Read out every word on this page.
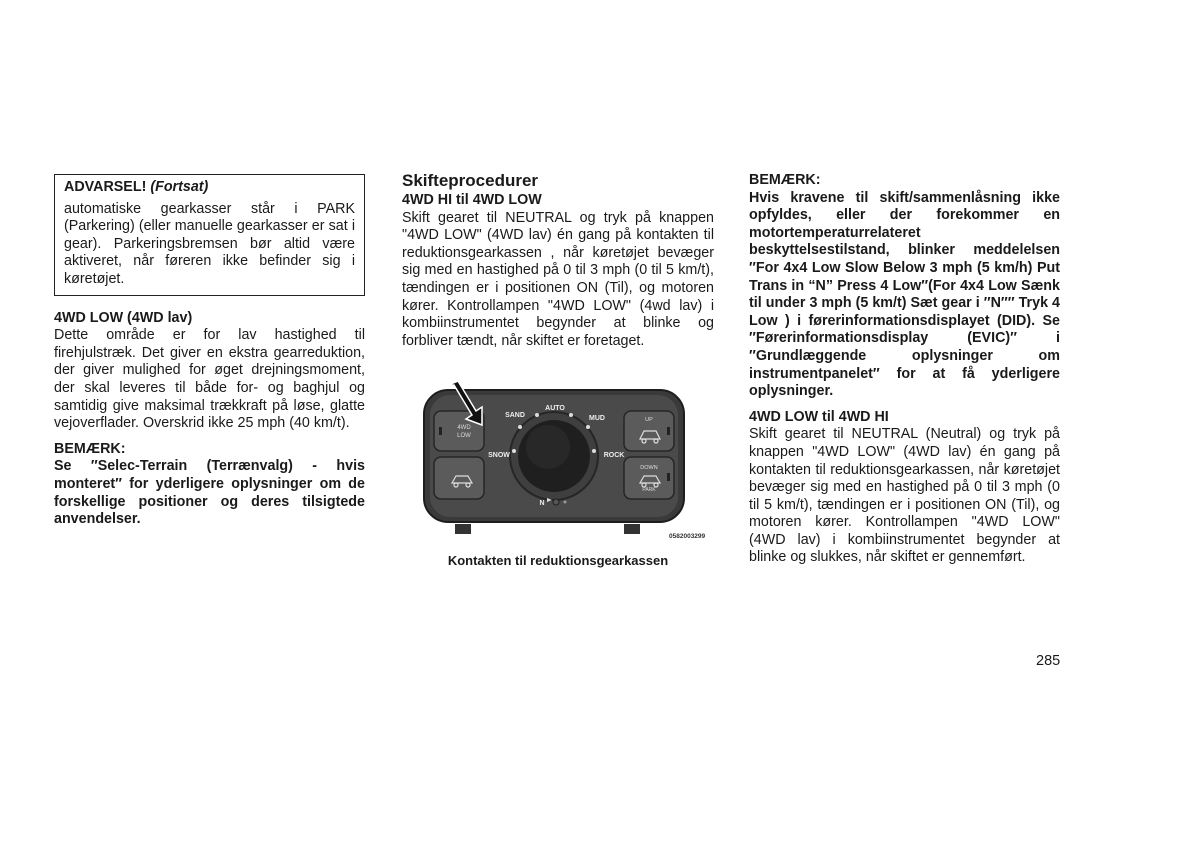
ADVARSEL! (Fortsat)

automatiske gearkasser står i PARK (Parkering) (eller manuelle gearkasser er sat i gear). Parkeringsbremsen bør altid være aktiveret, når føreren ikke befinder sig i køretøjet.

4WD LOW (4WD lav)

Dette område er for lav hastighed til firehjulstræk. Det giver en ekstra gearreduktion, der giver mulighed for øget drejningsmoment, der skal leveres til både for- og baghjul og samtidig give maksimal trækkraft på løse, glatte vejoverflader. Overskrid ikke 25 mph (40 km/t).

BEMÆRK:

Se ″Selec-Terrain (Terrænvalg) - hvis monteret″ for yderligere oplysninger om de forskellige positioner og deres tilsigtede anvendelser.

Skifteprocedurer

4WD HI til 4WD LOW

Skift gearet til NEUTRAL og tryk på knappen "4WD LOW" (4WD lav) én gang på kontakten til reduktionsgearkassen , når køretøjet bevæger sig med en hastighed på 0 til 3 mph (0 til 5 km/t), tændingen er i positionen ON (Til), og motoren kører. Kontrollampen "4WD LOW" (4wd lav) i kombiinstrumentet begynder at blinke og forbliver tændt, når skiftet er foretaget.

AUTO
SAND	MUD
SNOW	ROCK
4WD
LOW
UP
DOWN
PARK
N
0582003299
Kontakten til reduktionsgearkassen

BEMÆRK:

Hvis kravene til skift/sammenlåsning ikke opfyldes, eller der forekommer en motortemperaturrelateret beskyttelsestilstand, blinker meddelelsen ″For 4x4 Low Slow Below 3 mph (5 km/h) Put Trans in “N” Press 4 Low″(For 4x4 Low Sænk til under 3 mph (5 km/t) Sæt gear i ″N″″ Tryk 4 Low ) i førerinformationsdisplayet (DID). Se ″Førerinformationsdisplay (EVIC)″ i ″Grundlæggende oplysninger om instrumentpanelet″ for at få yderligere oplysninger.

4WD LOW til 4WD HI

Skift gearet til NEUTRAL (Neutral) og tryk på knappen "4WD LOW" (4WD lav) én gang på kontakten til reduktionsgearkassen, når køretøjet bevæger sig med en hastighed på 0 til 3 mph (0 til 5 km/t), tændingen er i positionen ON (Til), og motoren kører. Kontrollampen "4WD LOW" (4WD lav) i kombiinstrumentet begynder at blinke og slukkes, når skiftet er gennemført.

285
